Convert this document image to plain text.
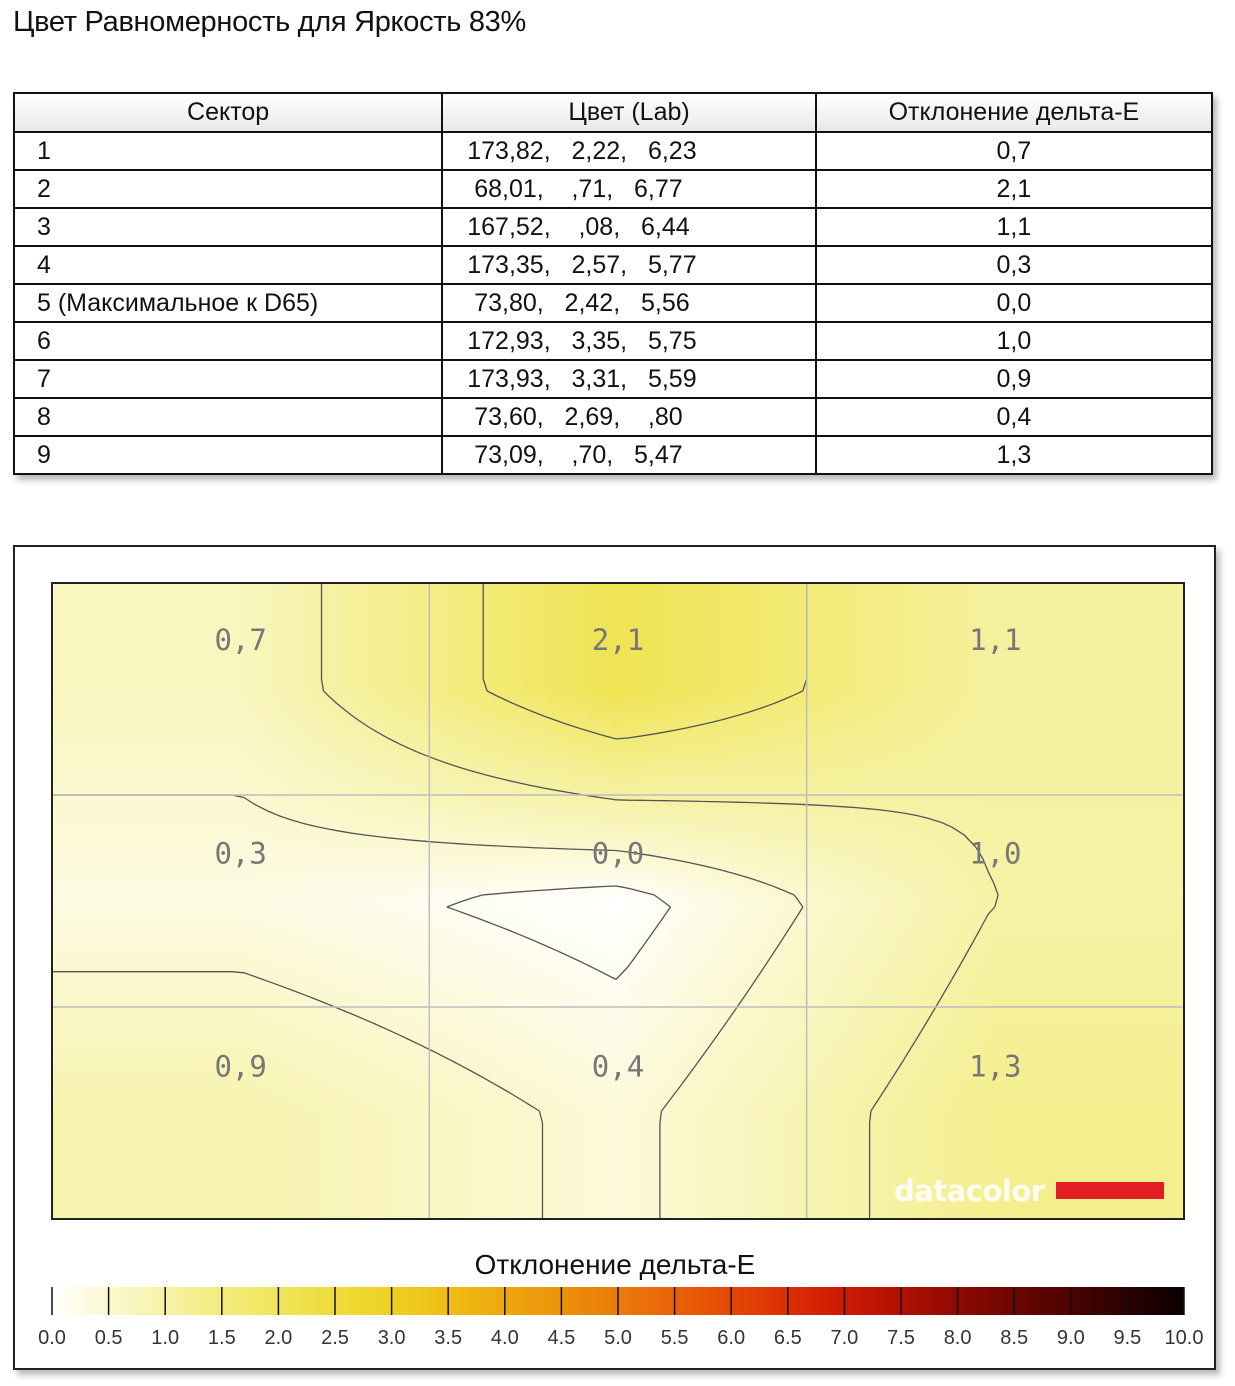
Цвет Равномерность для Яркость 83%
Сектор	Цвет (Lab)	Отклонение дельта-E
1	173,82,   2,22,   6,23	0,7
2	68,01,    ,71,   6,77	2,1
3	167,52,    ,08,   6,44	1,1
4	173,35,   2,57,   5,77	0,3
5 (Максимальное к D65)	73,80,   2,42,   5,56	0,0
6	172,93,   3,35,   5,75	1,0
7	173,93,   3,31,   5,59	0,9
8	73,60,   2,69,    ,80	0,4
9	73,09,    ,70,   5,47	1,3
0,7	2,1	1,1
0,3	0,0	1,0
0,9	0,4	1,3
datacolor
Отклонение дельта-E
0.0 0.5 1.0 1.5 2.0 2.5 3.0 3.5 4.0 4.5 5.0 5.5 6.0 6.5 7.0 7.5 8.0 8.5 9.0 9.5 10.0
